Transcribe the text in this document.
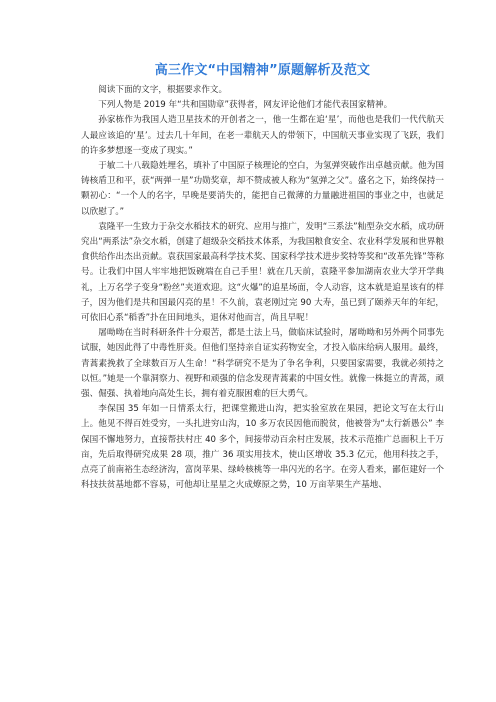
高三作文“中国精神”原题解析及范文

阅读下面的文字，根据要求作文。

下列人物是 2019 年“共和国勋章”获得者，网友评论他们才能代表国家精神。

孙家栋作为我国人造卫星技术的开创者之一，他一生都在追‘星’，而他也是我们一代代航天人最应该追的‘星’。过去几十年间，在老一辈航天人的带领下，中国航天事业实现了飞跃，我们的许多梦想逐一变成了现实。”

于敏二十八载隐姓埋名，填补了中国原子核理论的空白，为氢弹突破作出卓越贡献。他为国铸核盾卫和平，获“两弹一星”功勋奖章，却不赞成被人称为“氢弹之父”。盛名之下，始终保持一颗初心：“一个人的名字，早晚是要消失的，能把自己微薄的力量融进祖国的事业之中，也就足以欣慰了。”

袁隆平一生致力于杂交水稻技术的研究、应用与推广，发明“三系法”籼型杂交水稻，成功研究出“两系法”杂交水稻，创建了超级杂交稻技术体系，为我国粮食安全、农业科学发展和世界粮食供给作出杰出贡献。袁获国家最高科学技术奖、国家科学技术进步奖特等奖和“改革先锋”等称号。让我们中国人牢牢地把饭碗端在自己手里！就在几天前，袁隆平参加湖南农业大学开学典礼，上万名学子变身“粉丝”夹道欢迎。这“火爆”的追星场面，令人动容，这本就是追星该有的样子，因为他们是共和国最闪亮的星！不久前，袁老刚过完 90 大寿，虽已到了颐养天年的年纪，可依旧心系“稻香”扑在田间地头，退休对他而言，尚且早呢！

屠呦呦在当时科研条件十分艰苦，都是土法上马，做临床试验时，屠呦呦和另外两个同事先试服，她因此得了中毒性肝炎。但他们坚持亲自证实药物安全，才投入临床给病人服用。最终，青蒿素挽救了全球数百万人生命！“科学研究不是为了争名争利，只要国家需要，我就必须持之以恒。”她是一个靠洞察力、视野和顽强的信念发现青蒿素的中国女性。就像一株挺立的青蒿，顽强、倔强、执着地向高处生长，拥有着克服困难的巨大勇气。

李保国 35 年如一日情系太行，把课堂搬进山沟，把实验室放在果园，把论文写在太行山上。他见不得百姓受穷，一头扎进穷山沟，10 多万农民因他而脱贫，他被誉为“太行新愚公” 李保国不懈地努力，直接帮扶村庄 40 多个，间接带动百余村庄发展，技术示范推广总面积上千万亩，先后取得研究成果 28 项，推广 36 项实用技术，使山区增收 35.3 亿元，他用科技之手，点亮了前南裕生态经济沟，富岗苹果、绿岭核桃等一串闪光的名字。在旁人看来，鄙佢建好一个科技扶贫基地都不容易，可他却让星星之火成燎原之势，10 万亩苹果生产基地、
